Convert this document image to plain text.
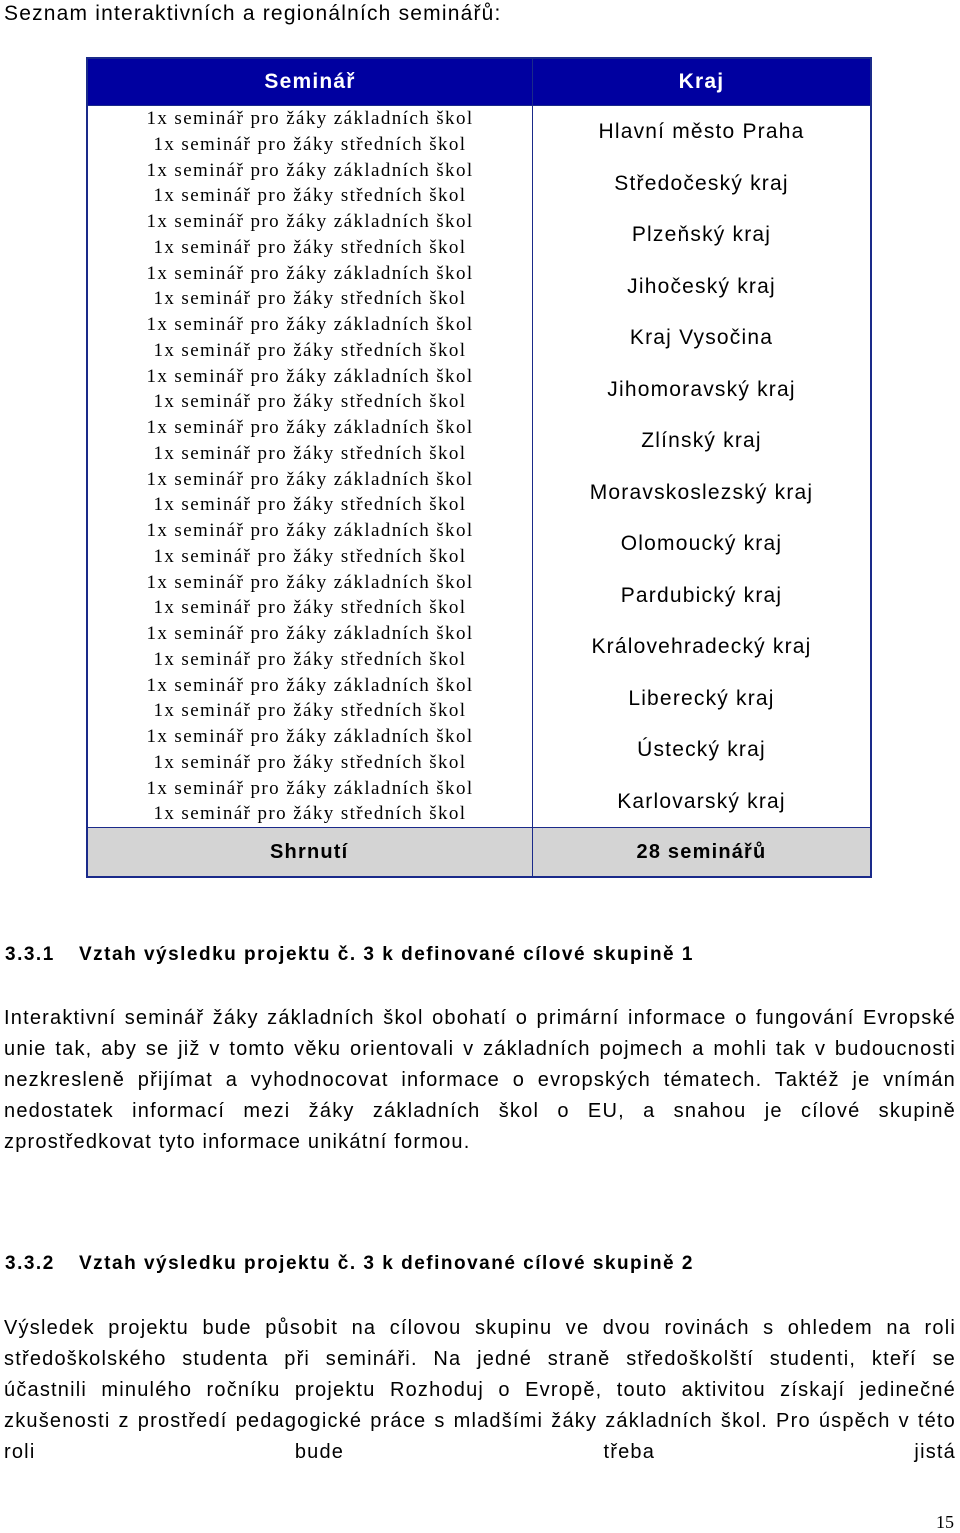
Seznam interaktivních a regionálních seminářů:
Seminář	Kraj

1x seminář pro žáky základních škol
1x seminář pro žáky středních škol	Hlavní město Praha

1x seminář pro žáky základních škol
1x seminář pro žáky středních škol	Středočeský kraj

1x seminář pro žáky základních škol
1x seminář pro žáky středních škol	Plzeňský kraj

1x seminář pro žáky základních škol
1x seminář pro žáky středních škol	Jihočeský kraj

1x seminář pro žáky základních škol
1x seminář pro žáky středních škol	Kraj Vysočina

1x seminář pro žáky základních škol
1x seminář pro žáky středních škol	Jihomoravský kraj

1x seminář pro žáky základních škol
1x seminář pro žáky středních škol	Zlínský kraj

1x seminář pro žáky základních škol
1x seminář pro žáky středních škol	Moravskoslezský kraj

1x seminář pro žáky základních škol
1x seminář pro žáky středních škol	Olomoucký kraj

1x seminář pro žáky základních škol
1x seminář pro žáky středních škol	Pardubický kraj

1x seminář pro žáky základních škol
1x seminář pro žáky středních škol	Královehradecký kraj

1x seminář pro žáky základních škol
1x seminář pro žáky středních škol	Liberecký kraj

1x seminář pro žáky základních škol
1x seminář pro žáky středních škol	Ústecký kraj

1x seminář pro žáky základních škol
1x seminář pro žáky středních škol	Karlovarský kraj
Shrnutí	28 seminářů
3.3.1 Vztah výsledku projektu č. 3 k definované cílové skupině 1
Interaktivní seminář žáky základních škol obohatí o primární informace o fungování Evropské unie tak, aby se již v tomto věku orientovali v základních pojmech a mohli tak v budoucnosti nezkresleně přijímat a vyhodnocovat informace o evropských tématech. Taktéž je vnímán nedostatek informací mezi žáky základních škol o EU, a snahou je cílové skupině zprostředkovat tyto informace unikátní formou.
3.3.2 Vztah výsledku projektu č. 3 k definované cílové skupině 2
Výsledek projektu bude působit na cílovou skupinu ve dvou rovinách s ohledem na roli středoškolského studenta při semináři. Na jedné straně středoškolští studenti, kteří se účastnili minulého ročníku projektu Rozhoduj o Evropě, touto aktivitou získají jedinečné zkušenosti z prostředí pedagogické práce s mladšími žáky základních škol. Pro úspěch v této roli bude třeba jistá
15
